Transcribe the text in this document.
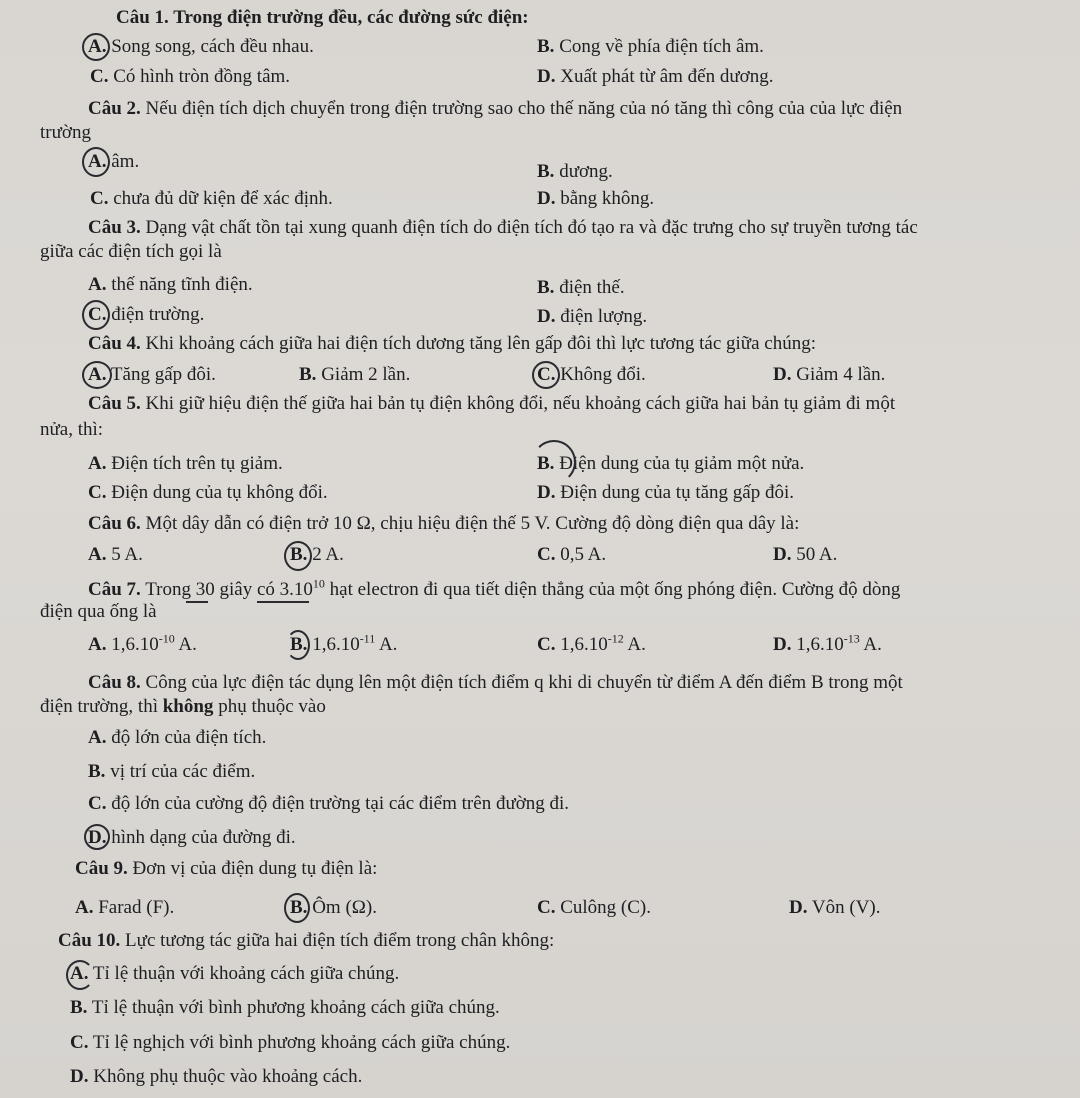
Câu 1. Trong điện trường đều, các đường sức điện:
A. Song song, cách đều nhau.	B. Cong về phía điện tích âm.
C. Có hình tròn đồng tâm.	D. Xuất phát từ âm đến dương.
Câu 2. Nếu điện tích dịch chuyển trong điện trường sao cho thế năng của nó tăng thì công của của lực điện
trường
A. âm.	B. dương.
C. chưa đủ dữ kiện để xác định.	D. bằng không.
Câu 3. Dạng vật chất tồn tại xung quanh điện tích do điện tích đó tạo ra và đặc trưng cho sự truyền tương tác
giữa các điện tích gọi là
A. thế năng tĩnh điện.	B. điện thế.
C. điện trường.	D. điện lượng.
Câu 4. Khi khoảng cách giữa hai điện tích dương tăng lên gấp đôi thì lực tương tác giữa chúng:
A. Tăng gấp đôi.	B. Giảm 2 lần.	C. Không đổi.	D. Giảm 4 lần.
Câu 5. Khi giữ hiệu điện thế giữa hai bản tụ điện không đổi, nếu khoảng cách giữa hai bản tụ giảm đi một
nửa, thì:
A. Điện tích trên tụ giảm.	B. Điện dung của tụ giảm một nửa.
C. Điện dung của tụ không đổi.	D. Điện dung của tụ tăng gấp đôi.
Câu 6. Một dây dẫn có điện trở 10 Ω, chịu hiệu điện thế 5 V. Cường độ dòng điện qua dây là:
A. 5 A.	B. 2 A.	C. 0,5 A.	D. 50 A.
Câu 7. Trong 30 giây có 3.10$^{10}$ hạt electron đi qua tiết diện thẳng của một ống phóng điện. Cường độ dòng
điện qua ống là
A. $1,6.10^{-10}$ A.	B. $1,6.10^{-11}$ A.	C. $1,6.10^{-12}$ A.	D. $1,6.10^{-13}$ A.
Câu 8. Công của lực điện tác dụng lên một điện tích điểm q khi di chuyển từ điểm A đến điểm B trong một
điện trường, thì không phụ thuộc vào
A. độ lớn của điện tích.
B. vị trí của các điểm.
C. độ lớn của cường độ điện trường tại các điểm trên đường đi.
D. hình dạng của đường đi.
Câu 9. Đơn vị của điện dung tụ điện là:
A. Farad (F).	B. Ôm (Ω).	C. Culông (C).	D. Vôn (V).
Câu 10. Lực tương tác giữa hai điện tích điểm trong chân không:
A. Tỉ lệ thuận với khoảng cách giữa chúng.
B. Tỉ lệ thuận với bình phương khoảng cách giữa chúng.
C. Tỉ lệ nghịch với bình phương khoảng cách giữa chúng.
D. Không phụ thuộc vào khoảng cách.
